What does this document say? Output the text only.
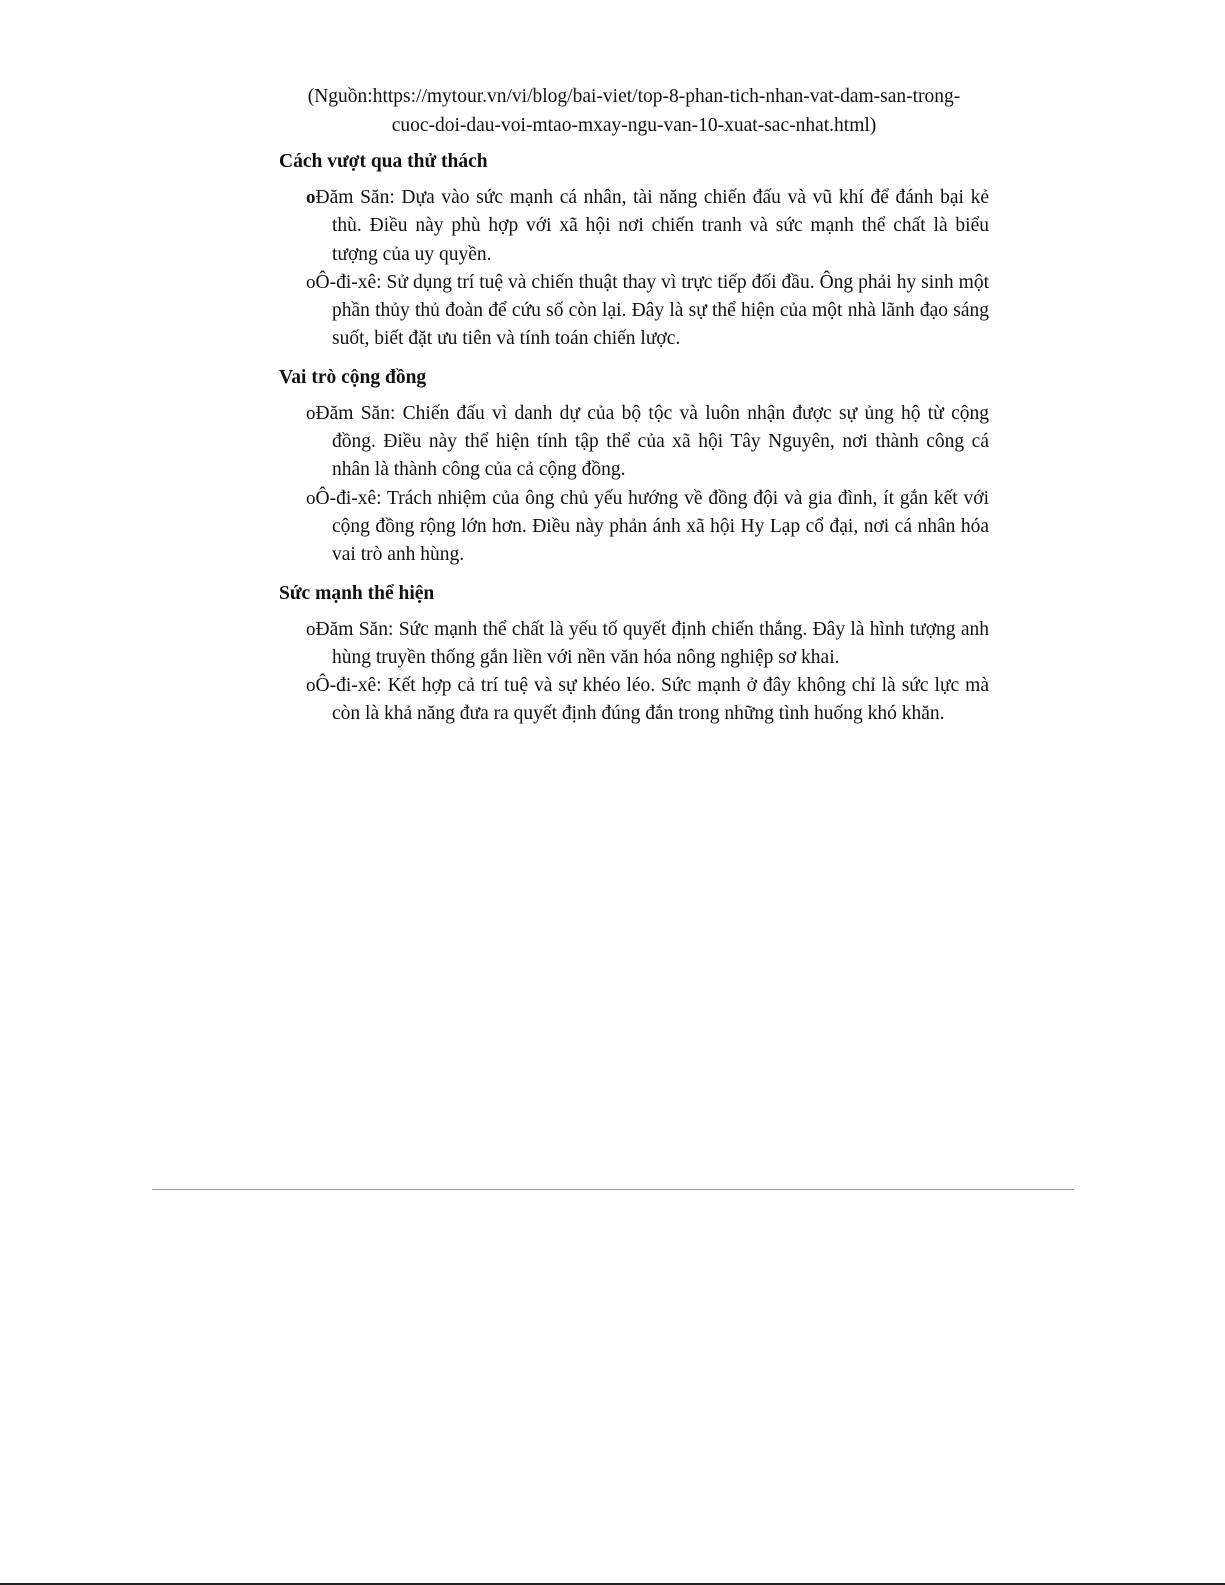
(Nguồn:https://mytour.vn/vi/blog/bai-viet/top-8-phan-tich-nhan-vat-dam-san-trong-
cuoc-doi-dau-voi-mtao-mxay-ngu-van-10-xuat-sac-nhat.html)

Cách vượt qua thử thách
oĐăm Săn: Dựa vào sức mạnh cá nhân, tài năng chiến đấu và vũ khí để đánh bại kẻ thù. Điều này phù hợp với xã hội nơi chiến tranh và sức mạnh thể chất là biểu tượng của uy quyền.
oÔ-đi-xê: Sử dụng trí tuệ và chiến thuật thay vì trực tiếp đối đầu. Ông phải hy sinh một phần thủy thủ đoàn để cứu số còn lại. Đây là sự thể hiện của một nhà lãnh đạo sáng suốt, biết đặt ưu tiên và tính toán chiến lược.
Vai trò cộng đồng
oĐăm Săn: Chiến đấu vì danh dự của bộ tộc và luôn nhận được sự ủng hộ từ cộng đồng. Điều này thể hiện tính tập thể của xã hội Tây Nguyên, nơi thành công cá nhân là thành công của cả cộng đồng.
oÔ-đi-xê: Trách nhiệm của ông chủ yếu hướng về đồng đội và gia đình, ít gắn kết với cộng đồng rộng lớn hơn. Điều này phản ánh xã hội Hy Lạp cổ đại, nơi cá nhân hóa vai trò anh hùng.
Sức mạnh thể hiện
oĐăm Săn: Sức mạnh thể chất là yếu tố quyết định chiến thắng. Đây là hình tượng anh hùng truyền thống gắn liền với nền văn hóa nông nghiệp sơ khai.
oÔ-đi-xê: Kết hợp cả trí tuệ và sự khéo léo. Sức mạnh ở đây không chỉ là sức lực mà còn là khả năng đưa ra quyết định đúng đắn trong những tình huống khó khăn.
